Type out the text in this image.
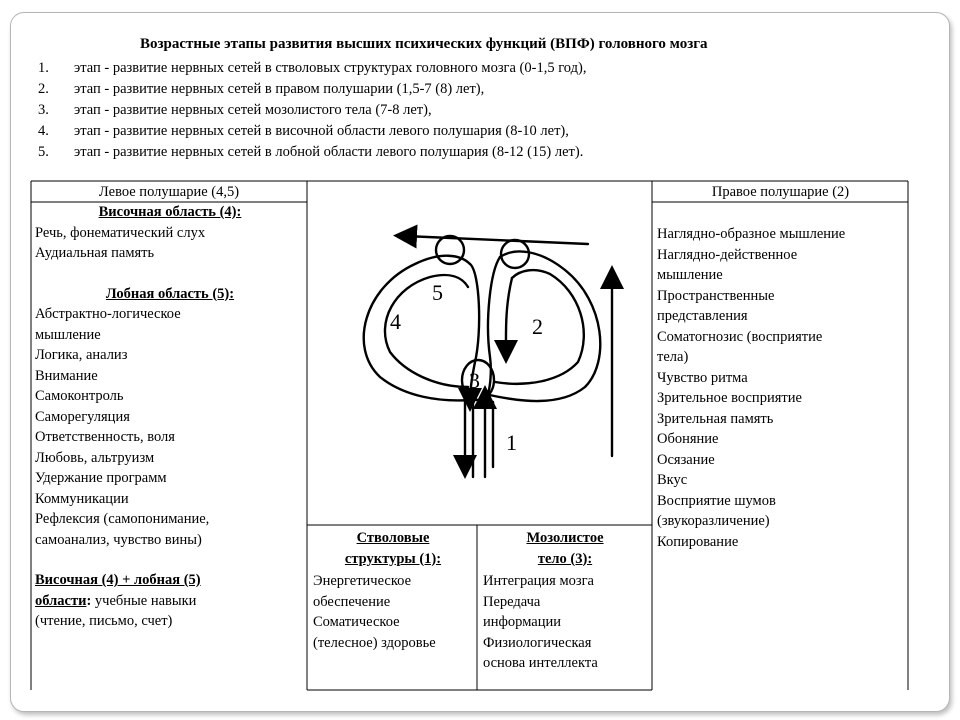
Возрастные этапы развития высших психических функций (ВПФ) головного мозга
1. этап - развитие нервных сетей в стволовых структурах головного мозга (0-1,5 год),
2. этап - развитие нервных сетей в правом полушарии (1,5-7 (8) лет),
3. этап - развитие нервных сетей мозолистого тела (7-8 лет),
4. этап - развитие нервных сетей в височной области левого полушария (8-10 лет),
5. этап - развитие нервных сетей в лобной области левого полушария (8-12 (15) лет).
Левое полушарие (4,5)
Височная область (4):
Речь, фонематический слух
Аудиальная память
Лобная область (5):
Абстрактно-логическое
мышление
Логика, анализ
Внимание
Самоконтроль
Саморегуляция
Ответственность, воля
Любовь, альтруизм
Удержание программ
Коммуникации
Рефлексия (самопонимание,
самоанализ, чувство вины)
Височная (4) + лобная (5)
области: учебные навыки
(чтение, письмо, счет)
Правое полушарие (2)
Наглядно-образное мышление
Наглядно-действенное
мышление
Пространственные
представления
Соматогнозис (восприятие
тела)
Чувство ритма
Зрительное восприятие
Зрительная память
Обоняние
Осязание
Вкус
Восприятие шумов
(звукоразличение)
Копирование
Стволовые
структуры (1):
Энергетическое
обеспечение
Соматическое
(телесное) здоровье
Мозолистое
тело (3):
Интеграция мозга
Передача
информации
Физиологическая
основа интеллекта
5
4	2
3
1
